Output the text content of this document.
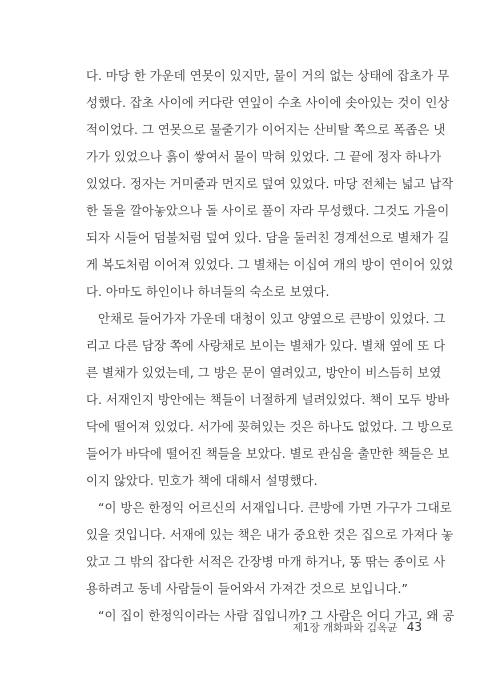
다. 마당 한 가운데 연못이 있지만, 물이 거의 없는 상태에 잡초가 무
성했다. 잡초 사이에 커다란 연잎이 수초 사이에 솟아있는 것이 인상
적이었다. 그 연못으로 물줄기가 이어지는 산비탈 쪽으로 폭좁은 냇
가가 있었으나 흙이 쌓여서 물이 막혀 있었다. 그 끝에 정자 하나가
있었다. 정자는 거미줄과 먼지로 덮여 있었다. 마당 전체는 넓고 납작
한 돌을 깔아놓았으나 돌 사이로 풀이 자라 무성했다. 그것도 가을이
되자 시들어 덤불처럼 덮여 있다. 담을 둘러친 경계선으로 별채가 길
게 복도처럼 이어져 있었다. 그 별채는 이십여 개의 방이 연이어 있었
다. 아마도 하인이나 하녀들의 숙소로 보였다.
안채로 들어가자 가운데 대청이 있고 양옆으로 큰방이 있었다. 그
리고 다른 담장 쪽에 사랑채로 보이는 별채가 있다. 별채 옆에 또 다
른 별채가 있었는데, 그 방은 문이 열려있고, 방안이 비스듬히 보였
다. 서재인지 방안에는 책들이 너절하게 널려있었다. 책이 모두 방바
닥에 떨어져 있었다. 서가에 꽂혀있는 것은 하나도 없었다. 그 방으로
들어가 바닥에 떨어진 책들을 보았다. 별로 관심을 출만한 책들은 보
이지 않았다. 민호가 책에 대해서 설명했다.
“이 방은 한정익 어르신의 서재입니다. 큰방에 가면 가구가 그대로
있을 것입니다. 서재에 있는 책은 내가 중요한 것은 집으로 가져다 놓
았고 그 밖의 잡다한 서적은 간장병 마개 하거나, 똥 딲는 종이로 사
용하려고 동네 사람들이 들어와서 가져간 것으로 보입니다.”
“이 집이 한정익이라는 사람 집입니까? 그 사람은 어디 가고, 왜 공
제1장 개화파와 김옥균 43
